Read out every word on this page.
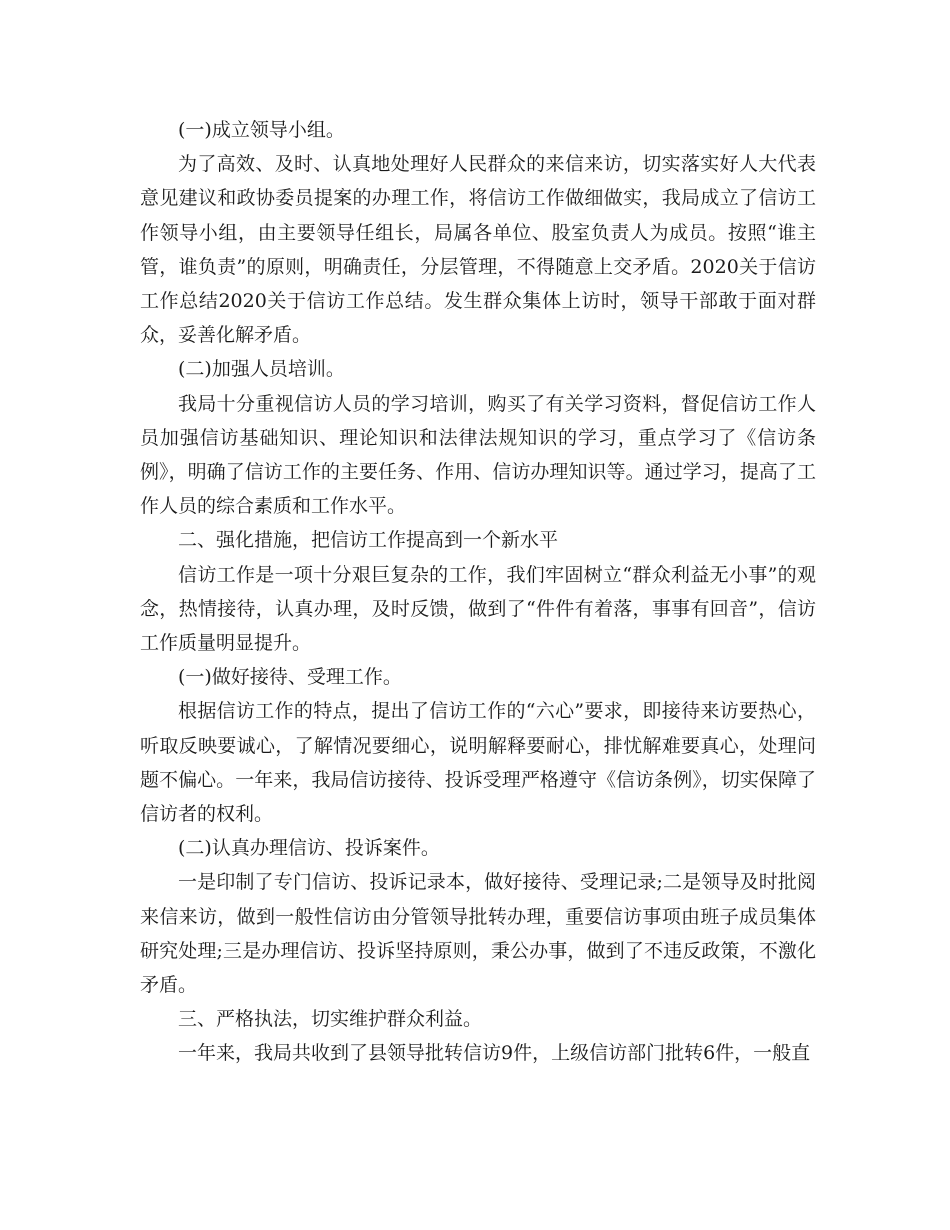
(一)成立领导小组。

为了高效、及时、认真地处理好人民群众的来信来访，切实落实好人大代表意见建议和政协委员提案的办理工作，将信访工作做细做实，我局成立了信访工作领导小组，由主要领导任组长，局属各单位、股室负责人为成员。按照“谁主管，谁负责”的原则，明确责任，分层管理，不得随意上交矛盾。2020关于信访工作总结2020关于信访工作总结。发生群众集体上访时，领导干部敢于面对群众，妥善化解矛盾。

(二)加强人员培训。

我局十分重视信访人员的学习培训，购买了有关学习资料，督促信访工作人员加强信访基础知识、理论知识和法律法规知识的学习，重点学习了《信访条例》，明确了信访工作的主要任务、作用、信访办理知识等。通过学习，提高了工作人员的综合素质和工作水平。

二、强化措施，把信访工作提高到一个新水平

信访工作是一项十分艰巨复杂的工作，我们牢固树立“群众利益无小事”的观念，热情接待，认真办理，及时反馈，做到了“件件有着落，事事有回音”，信访工作质量明显提升。

(一)做好接待、受理工作。

根据信访工作的特点，提出了信访工作的“六心”要求，即接待来访要热心，听取反映要诚心，了解情况要细心，说明解释要耐心，排忧解难要真心，处理问题不偏心。一年来，我局信访接待、投诉受理严格遵守《信访条例》，切实保障了信访者的权利。

(二)认真办理信访、投诉案件。

一是印制了专门信访、投诉记录本，做好接待、受理记录;二是领导及时批阅来信来访，做到一般性信访由分管领导批转办理，重要信访事项由班子成员集体研究处理;三是办理信访、投诉坚持原则，秉公办事，做到了不违反政策，不激化矛盾。

三、严格执法，切实维护群众利益。

一年来，我局共收到了县领导批转信访9件，上级信访部门批转6件，一般直
